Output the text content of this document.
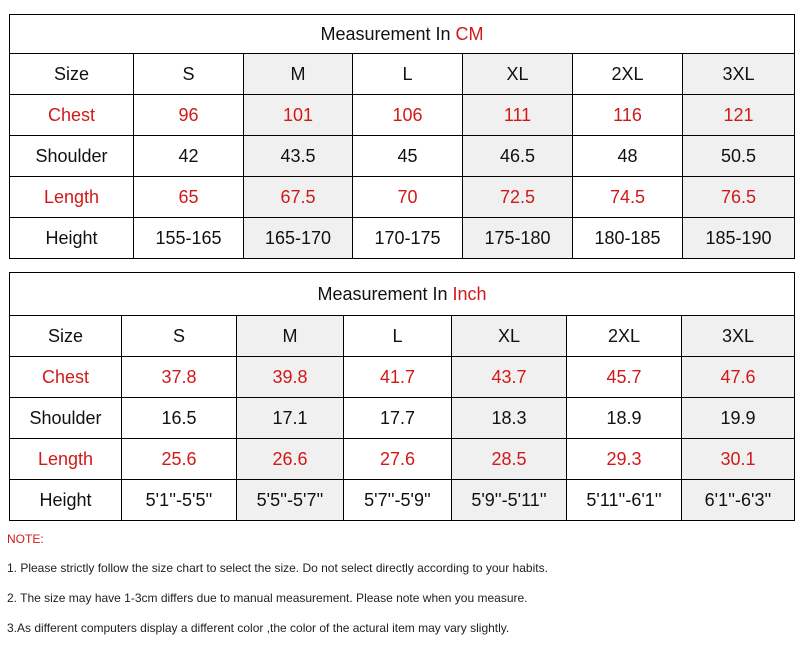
Measurement In CM						
Size	S	M	L	XL	2XL	3XL
Chest	96	101	106	111	116	121
Shoulder	42	43.5	45	46.5	48	50.5
Length	65	67.5	70	72.5	74.5	76.5
Height	155-165	165-170	170-175	175-180	180-185	185-190
Measurement In Inch						
Size	S	M	L	XL	2XL	3XL
Chest	37.8	39.8	41.7	43.7	45.7	47.6
Shoulder	16.5	17.1	17.7	18.3	18.9	19.9
Length	25.6	26.6	27.6	28.5	29.3	30.1
Height	5'1''-5'5''	5'5''-5'7''	5'7''-5'9''	5'9''-5'11''	5'11''-6'1''	6'1''-6'3''
NOTE:

1. Please strictly follow the size chart to select the size. Do not select directly according to your habits.

2. The size may have 1-3cm differs due to manual measurement. Please note when you measure.

3.As different computers display a different color ,the color of the actural item may vary slightly.
